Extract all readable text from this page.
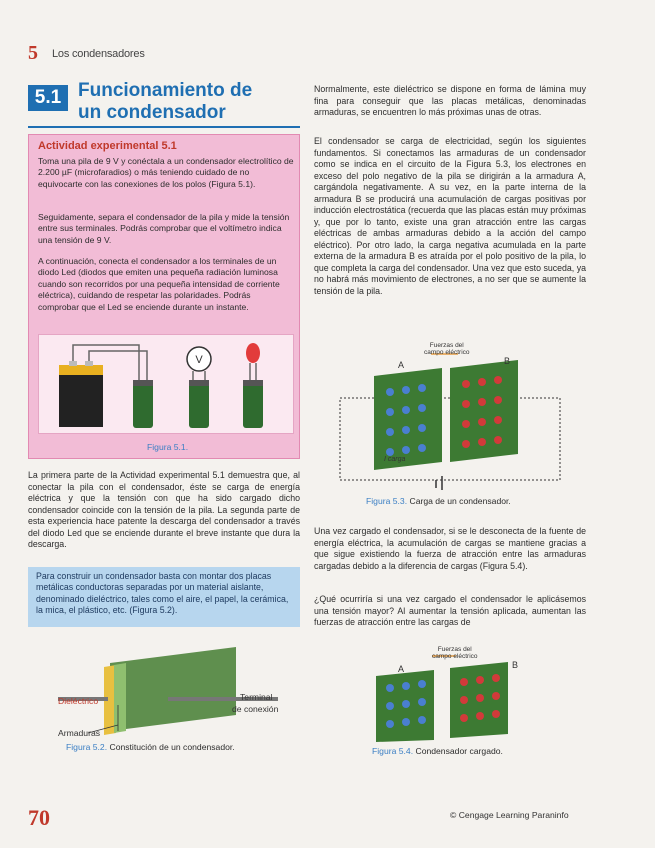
5 Los condensadores
5.1 Funcionamiento de
un condensador
Actividad experimental 5.1

Toma una pila de 9 V y conéctala a un condensador electrolítico de 2.200 µF (microfaradios) o más teniendo cuidado de no equivocarte con las conexiones de los polos (Figura 5.1).

Seguidamente, separa el condensador de la pila y mide la tensión entre sus terminales. Podrás comprobar que el voltímetro indica una tensión de 9 V.

A continuación, conecta el condensador a los terminales de un diodo Led (diodos que emiten una pequeña radiación luminosa cuando son recorridos por una pequeña intensidad de corriente eléctrica), cuidando de respetar las polaridades. Podrás comprobar que el Led se enciende durante un instante.

V
Figura 5.1.

La primera parte de la Actividad experimental 5.1 demuestra que, al conectar la pila con el condensador, éste se carga de energía eléctrica y que la tensión con que ha sido cargado dicho condensador coincide con la tensión de la pila. La segunda parte de esta experiencia hace patente la descarga del condensador a través del diodo Led que se enciende durante el breve instante que dura la descarga.

Para construir un condensador basta con montar dos placas metálicas conductoras separadas por un material aislante, denominado dieléctrico, tales como el aire, el papel, la cerámica, la mica, el plástico, etc. (Figura 5.2).

Dieléctrico	Terminal
de conexión
Armaduras
Figura 5.2. Constitución de un condensador.

Normalmente, este dieléctrico se dispone en forma de lámina muy fina para conseguir que las placas metálicas, denominadas armaduras, se encuentren lo más próximas unas de otras.

El condensador se carga de electricidad, según los siguientes fundamentos. Si conectamos las armaduras de un condensador como se indica en el circuito de la Figura 5.3, los electrones en exceso del polo negativo de la pila se dirigirán a la armadura A, cargándola negativamente. A su vez, en la parte interna de la armadura B se producirá una acumulación de cargas positivas por inducción electrostática (recuerda que las placas están muy próximas y, que por lo tanto, existe una gran atracción entre las cargas eléctricas de ambas armaduras debido a la acción del campo eléctrico). Por otro lado, la carga negativa acumulada en la parte externa de la armadura B es atraída por el polo positivo de la pila, lo que completa la carga del condensador. Una vez que esto suceda, ya no habrá más movimiento de electrones, a no ser que se aumente la tensión de la pila.

Fuerzas del
campo eléctrico
A	B
I carga
Figura 5.3. Carga de un condensador.

Una vez cargado el condensador, si se le desconecta de la fuente de energía eléctrica, la acumulación de cargas se mantiene gracias a que sigue existiendo la fuerza de atracción entre las armaduras cargadas debido a la diferencia de cargas (Figura 5.4).

¿Qué ocurriría si una vez cargado el condensador le aplicásemos una tensión mayor? Al aumentar la tensión aplicada, aumentan las fuerzas de atracción entre las cargas de

Fuerzas del
campo eléctrico
A	B
Figura 5.4. Condensador cargado.
70	© Cengage Learning Paraninfo
